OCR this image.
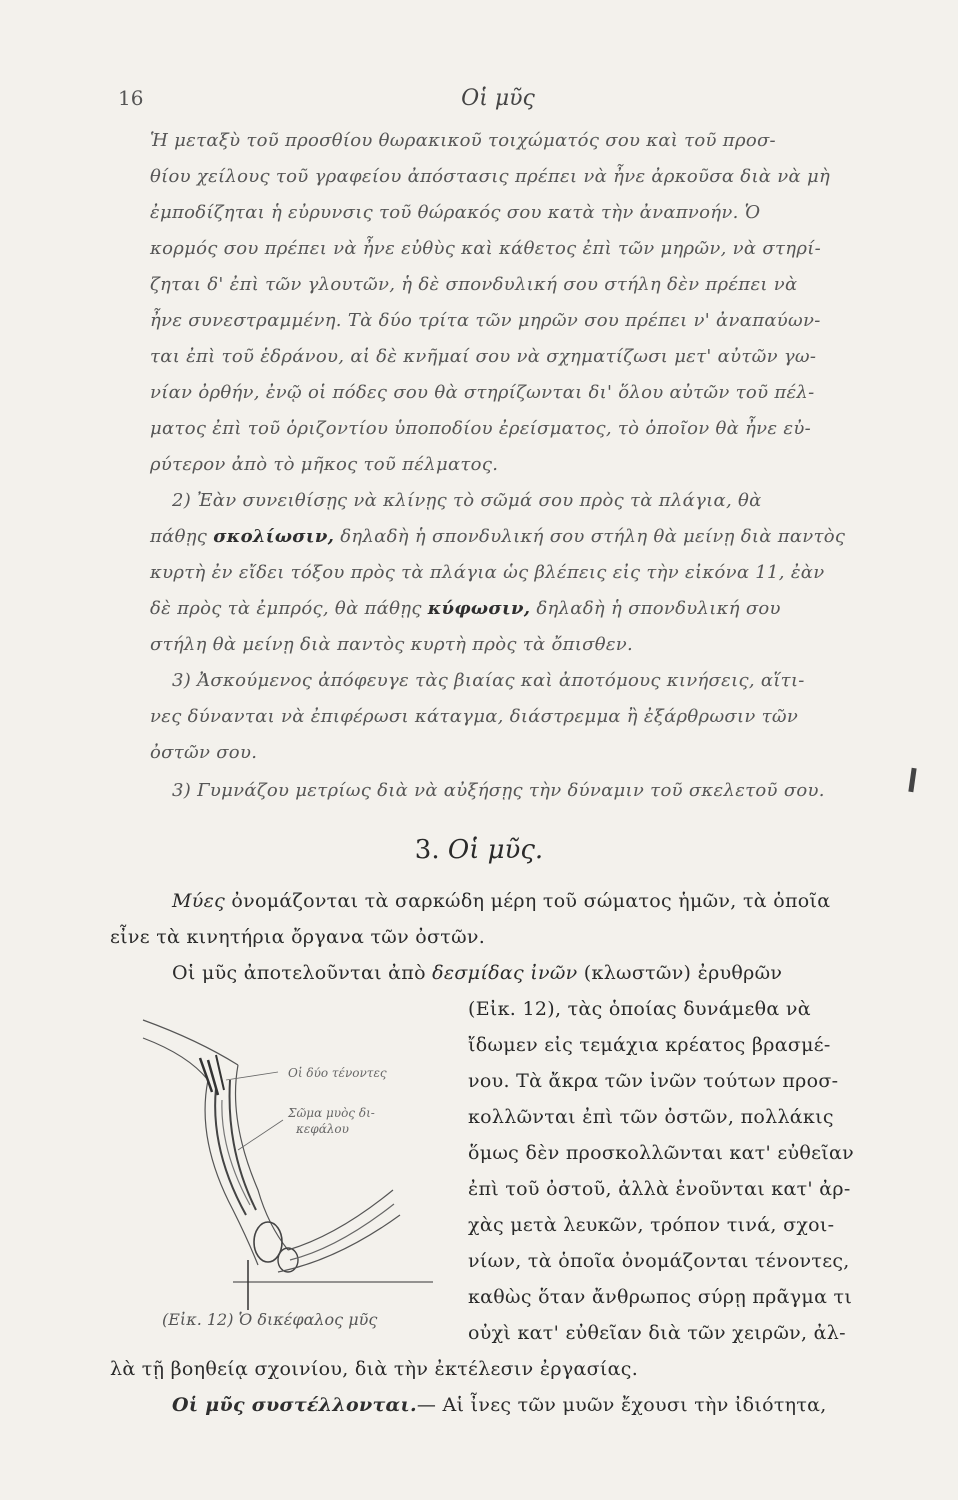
16	Οἱ μῦς
Ἡ μεταξὺ τοῦ προσθίου θωρακικοῦ τοιχώματός σου καὶ τοῦ προσ-
θίου χείλους τοῦ γραφείου ἀπόστασις πρέπει νὰ ἦνε ἀρκοῦσα διὰ νὰ μὴ
ἐμποδίζηται ἡ εὐρυνσις τοῦ θώρακός σου κατὰ τὴν ἀναπνοήν. Ὁ
κορμός σου πρέπει νὰ ἦνε εὐθὺς καὶ κάθετος ἐπὶ τῶν μηρῶν, νὰ στηρί-
ζηται δ' ἐπὶ τῶν γλουτῶν, ἡ δὲ σπονδυλική σου στήλη δὲν πρέπει νὰ
ἦνε συνεστραμμένη. Τὰ δύο τρίτα τῶν μηρῶν σου πρέπει ν' ἀναπαύων-
ται ἐπὶ τοῦ ἑδράνου, αἱ δὲ κνῆμαί σου νὰ σχηματίζωσι μετ' αὐτῶν γω-
νίαν ὀρθήν, ἐνῷ οἱ πόδες σου θὰ στηρίζωνται δι' ὅλου αὐτῶν τοῦ πέλ-
ματος ἐπὶ τοῦ ὁριζοντίου ὑποποδίου ἐρείσματος, τὸ ὁποῖον θὰ ἦνε εὐ-
ρύτερον ἀπὸ τὸ μῆκος τοῦ πέλματος.
2) Ἐὰν συνειθίσῃς νὰ κλίνῃς τὸ σῶμά σου πρὸς τὰ πλάγια, θὰ
πάθῃς σκολίωσιν, δηλαδὴ ἡ σπονδυλική σου στήλη θὰ μείνῃ διὰ παντὸς
κυρτὴ ἐν εἴδει τόξου πρὸς τὰ πλάγια ὡς βλέπεις εἰς τὴν εἰκόνα 11, ἐὰν
δὲ πρὸς τὰ ἐμπρός, θὰ πάθῃς κύφωσιν, δηλαδὴ ἡ σπονδυλική σου
στήλη θὰ μείνῃ διὰ παντὸς κυρτὴ πρὸς τὰ ὄπισθεν.
3) Ἀσκούμενος ἀπόφευγε τὰς βιαίας καὶ ἀποτόμους κινήσεις, αἵτι-
νες δύνανται νὰ ἐπιφέρωσι κάταγμα, διάστρεμμα ἢ ἐξάρθρωσιν τῶν
ὀστῶν σου.
3) Γυμνάζου μετρίως διὰ νὰ αὐξήσῃς τὴν δύναμιν τοῦ σκελετοῦ σου.
3. Οἱ μῦς.
Μύες ὀνομάζονται τὰ σαρκώδη μέρη τοῦ σώματος ἡμῶν, τὰ ὁποῖα
εἶνε τὰ κινητήρια ὄργανα τῶν ὀστῶν.
Οἱ μῦς ἀποτελοῦνται ἀπὸ δεσμίδας ἰνῶν (κλωστῶν) ἐρυθρῶν
(Εἰκ. 12), τὰς ὁποίας δυνάμεθα νὰ
ἴδωμεν εἰς τεμάχια κρέατος βρασμέ-
νου. Τὰ ἄκρα τῶν ἰνῶν τούτων προσ-
κολλῶνται ἐπὶ τῶν ὀστῶν, πολλάκις
ὅμως δὲν προσκολλῶνται κατ' εὐθεῖαν
ἐπὶ τοῦ ὀστοῦ, ἀλλὰ ἑνοῦνται κατ' ἀρ-
χὰς μετὰ λευκῶν, τρόπον τινά, σχοι-
νίων, τὰ ὁποῖα ὀνομάζονται τένοντες,
καθὼς ὅταν ἄνθρωπος σύρῃ πρᾶγμα τι
οὐχὶ κατ' εὐθεῖαν διὰ τῶν χειρῶν, ἀλ-
λὰ τῇ βοηθείᾳ σχοινίου, διὰ τὴν ἐκτέλεσιν ἐργασίας.
Οἱ μῦς συστέλλονται.— Αἱ ἶνες τῶν μυῶν ἔχουσι τὴν ἰδιότητα,
Οἱ δύο τένοντες
Σῶμα μυὸς δι-
κεφάλου
(Εἰκ. 12) Ὁ δικέφαλος μῦς
